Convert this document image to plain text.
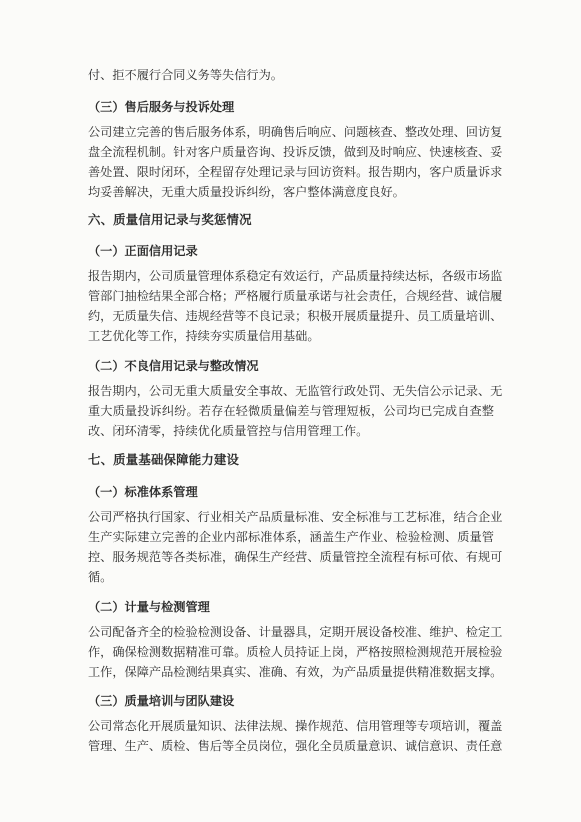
付、拒不履行合同义务等失信行为。
（三）售后服务与投诉处理
公司建立完善的售后服务体系，明确售后响应、问题核查、整改处理、回访复
盘全流程机制。针对客户质量咨询、投诉反馈，做到及时响应、快速核查、妥
善处置、限时闭环，全程留存处理记录与回访资料。报告期内，客户质量诉求
均妥善解决，无重大质量投诉纠纷，客户整体满意度良好。
六、质量信用记录与奖惩情况
（一）正面信用记录
报告期内，公司质量管理体系稳定有效运行，产品质量持续达标，各级市场监
管部门抽检结果全部合格；严格履行质量承诺与社会责任，合规经营、诚信履
约，无质量失信、违规经营等不良记录；积极开展质量提升、员工质量培训、
工艺优化等工作，持续夯实质量信用基础。
（二）不良信用记录与整改情况
报告期内，公司无重大质量安全事故、无监管行政处罚、无失信公示记录、无
重大质量投诉纠纷。若存在轻微质量偏差与管理短板，公司均已完成自查整
改、闭环清零，持续优化质量管控与信用管理工作。
七、质量基础保障能力建设
（一）标准体系管理
公司严格执行国家、行业相关产品质量标准、安全标准与工艺标准，结合企业
生产实际建立完善的企业内部标准体系，涵盖生产作业、检验检测、质量管
控、服务规范等各类标准，确保生产经营、质量管控全流程有标可依、有规可
循。
（二）计量与检测管理
公司配备齐全的检验检测设备、计量器具，定期开展设备校准、维护、检定工
作，确保检测数据精准可靠。质检人员持证上岗，严格按照检测规范开展检验
工作，保障产品检测结果真实、准确、有效，为产品质量提供精准数据支撑。
（三）质量培训与团队建设
公司常态化开展质量知识、法律法规、操作规范、信用管理等专项培训，覆盖
管理、生产、质检、售后等全员岗位，强化全员质量意识、诚信意识、责任意
